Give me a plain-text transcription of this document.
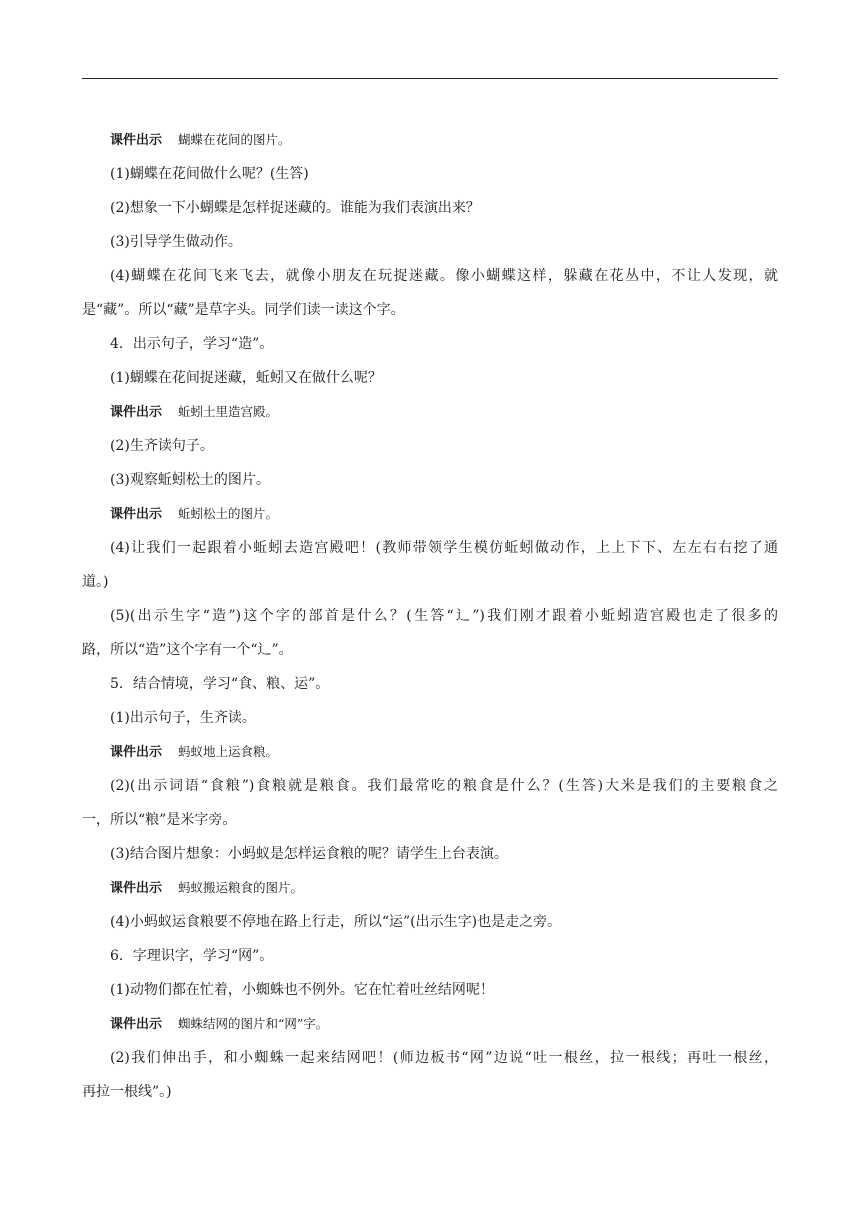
课件出示 蝴蝶在花间的图片。
(1)蝴蝶在花间做什么呢？(生答)
(2)想象一下小蝴蝶是怎样捉迷藏的。谁能为我们表演出来？
(3)引导学生做动作。
(4)蝴蝶在花间飞来飞去，就像小朋友在玩捉迷藏。像小蝴蝶这样，躲藏在花丛中，不让人发现，就
是“藏”。所以“藏”是草字头。同学们读一读这个字。
4．出示句子，学习“造”。
(1)蝴蝶在花间捉迷藏，蚯蚓又在做什么呢？
课件出示 蚯蚓土里造宫殿。
(2)生齐读句子。
(3)观察蚯蚓松土的图片。
课件出示 蚯蚓松土的图片。
(4)让我们一起跟着小蚯蚓去造宫殿吧！(教师带领学生模仿蚯蚓做动作，上上下下、左左右右挖了通
道。)
(5)(出示生字“造”)这个字的部首是什么？(生答“辶”)我们刚才跟着小蚯蚓造宫殿也走了很多的
路，所以“造”这个字有一个“辶”。
5．结合情境，学习“食、粮、运”。
(1)出示句子，生齐读。
课件出示 蚂蚁地上运食粮。
(2)(出示词语“食粮”)食粮就是粮食。我们最常吃的粮食是什么？(生答)大米是我们的主要粮食之
一，所以“粮”是米字旁。
(3)结合图片想象：小蚂蚁是怎样运食粮的呢？请学生上台表演。
课件出示 蚂蚁搬运粮食的图片。
(4)小蚂蚁运食粮要不停地在路上行走，所以“运”(出示生字)也是走之旁。
6．字理识字，学习“网”。
(1)动物们都在忙着，小蜘蛛也不例外。它在忙着吐丝结网呢！
课件出示 蜘蛛结网的图片和“网”字。
(2)我们伸出手，和小蜘蛛一起来结网吧！(师边板书“网”边说“吐一根丝，拉一根线；再吐一根丝，
再拉一根线”。)
